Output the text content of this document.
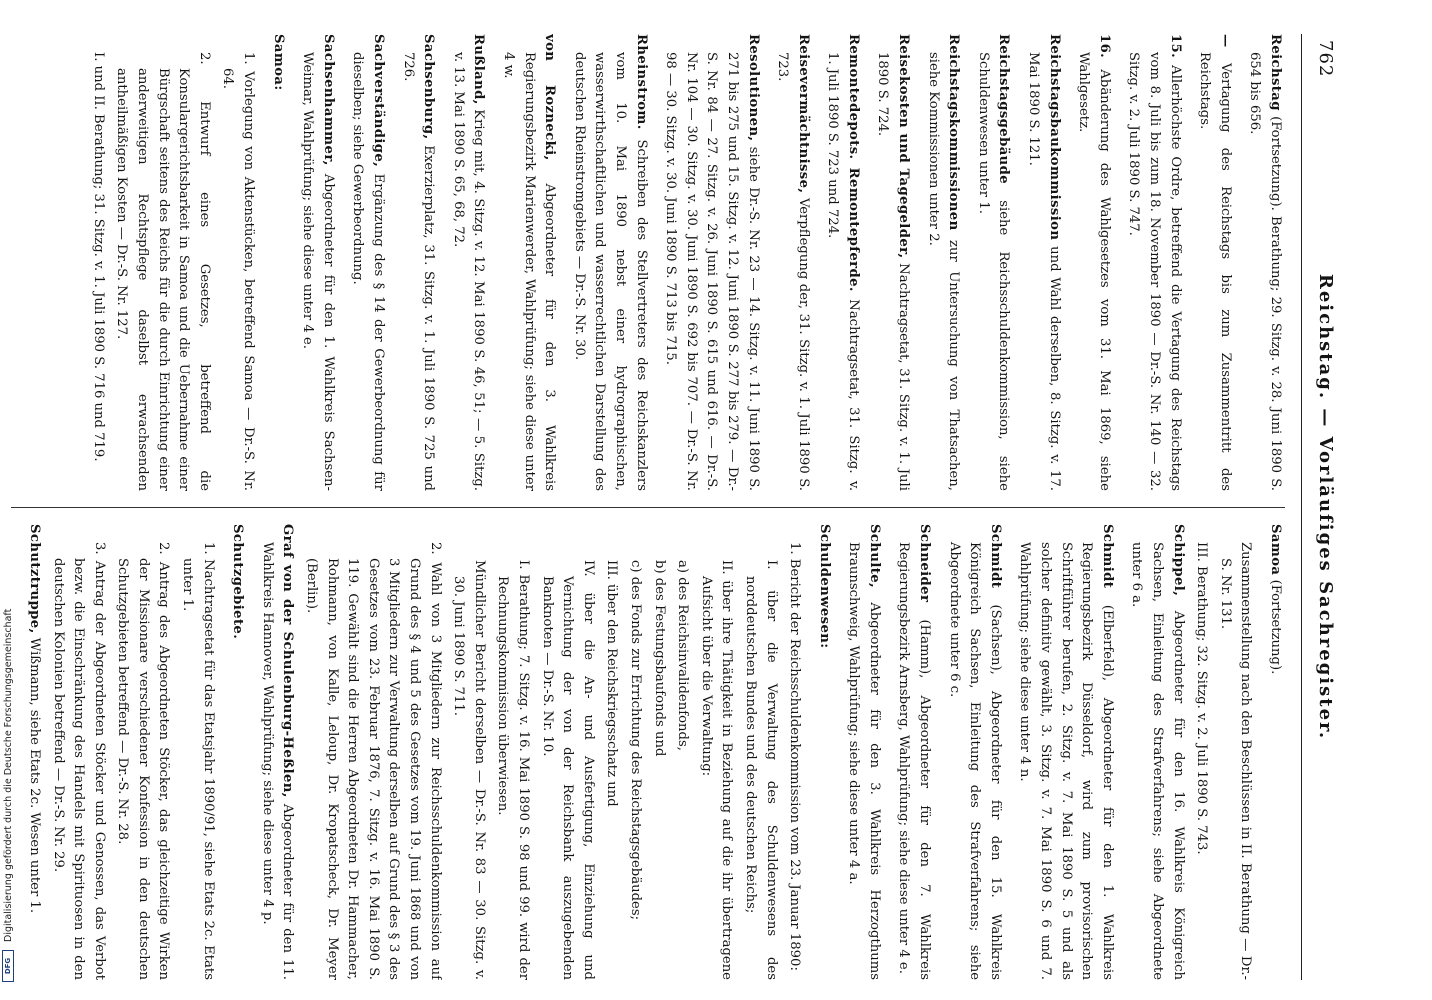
762
Reichstag. — Vorläufiges Sachregister.

Reichstag (Fortsetzung). Berathung; 29. Sitzg. v. 28. Juni 1890 S. 654 bis 656.

— Vertagung des Reichstags bis zum Zusammentritt des Reichstags.

15. Allerhöchste Ordre, betreffend die Vertagung des Reichstags vom 8. Juli bis zum 18. November 1890 — Dr.-S. Nr. 140 — 32. Sitzg. v. 2. Juli 1890 S. 747.

16. Abänderung des Wahlgesetzes vom 31. Mai 1869, siehe Wahlgesetz.

Reichstagsbaukommission und Wahl derselben, 8. Sitzg. v. 17. Mai 1890 S. 121.

Reichstagsgebäude siehe Reichsschuldenkommission, siehe Schuldenwesen unter 1.

Reichstagskommissionen zur Untersuchung von Thatsachen, siehe Kommissionen unter 2.

Reisekosten und Tagegelder, Nachtragsetat, 31. Sitzg. v. 1. Juli 1890 S. 724.

Remontedepots. Remontepferde. Nachtragsetat, 31. Sitzg. v. 1. Juli 1890 S. 723 und 724.

Reisevermächtnisse, Verpflegung der, 31. Sitzg. v. 1. Juli 1890 S. 723.

Resolutionen, siehe Dr.-S. Nr. 23 — 14. Sitzg. v. 11. Juni 1890 S. 271 bis 275 und 15. Sitzg. v. 12. Juni 1890 S. 277 bis 279. — Dr.-S. Nr. 84 — 27. Sitzg. v. 26. Juni 1890 S. 615 und 616. — Dr.-S. Nr. 104 — 30. Sitzg. v. 30. Juni 1890 S. 692 bis 707. — Dr.-S. Nr. 98 — 30. Sitzg. v. 30. Juni 1890 S. 713 bis 715.

Rheinstrom. Schreiben des Stellvertreters des Reichskanzlers vom 10. Mai 1890 nebst einer hydrographischen, wasserwirthschaftlichen und wasserrechtlichen Darstellung des deutschen Rheinstromgebiets — Dr.-S. Nr. 30.

von Roznecki, Abgeordneter für den 3. Wahlkreis Regierungsbezirk Marienwerder, Wahlprüfung; siehe diese unter 4 w.

Rußland, Krieg mit, 4. Sitzg. v. 12. Mai 1890 S. 46, 51; — 5. Sitzg. v. 13. Mai 1890 S. 65, 68, 72.

Sachsenburg, Exerzierplatz, 31. Sitzg. v. 1. Juli 1890 S. 725 und 726.

Sachverständige, Ergänzung des § 14 der Gewerbeordnung für dieselben; siehe Gewerbeordnung.

Sachsenhammer, Abgeordneter für den 1. Wahlkreis Sachsen-Weimar, Wahlprüfung; siehe diese unter 4 e.

Samoa:

1. Vorlegung von Aktenstücken, betreffend Samoa — Dr.-S. Nr. 64.

2. Entwurf eines Gesetzes, betreffend die Konsulargerichtsbarkeit in Samoa und die Uebernahme einer Bürgschaft seitens des Reichs für die durch Einrichtung einer anderweitigen Rechtspflege daselbst erwachsenden antheilmäßigen Kosten — Dr.-S. Nr. 127.

I. und II. Berathung; 31. Sitzg. v. 1. Juli 1890 S. 716 und 719.

Samoa (Fortsetzung).

Zusammenstellung nach den Beschlüssen in II. Berathung — Dr.-S. Nr. 131.

III. Berathung; 32. Sitzg. v. 2. Juli 1890 S. 743.

Schippel, Abgeordneter für den 16. Wahlkreis Königreich Sachsen, Einleitung des Strafverfahrens; siehe Abgeordnete unter 6 a.

Schmidt (Elberfeld), Abgeordneter für den 1. Wahlkreis Regierungsbezirk Düsseldorf, wird zum provisorischen Schriftführer berufen, 2. Sitzg. v. 7. Mai 1890 S. 5 und als solcher definitiv gewählt, 3. Sitzg. v. 7. Mai 1890 S. 6 und 7. Wahlprüfung; siehe diese unter 4 n.

Schmidt (Sachsen), Abgeordneter für den 15. Wahlkreis Königreich Sachsen, Einleitung des Strafverfahrens; siehe Abgeordnete unter 6 c.

Schneider (Hamm), Abgeordneter für den 7. Wahlkreis Regierungsbezirk Arnsberg, Wahlprüfung; siehe diese unter 4 e.

Schulte, Abgeordneter für den 3. Wahlkreis Herzogthums Braunschweig, Wahlprüfung; siehe diese unter 4 a.

Schuldenwesen:

1. Bericht der Reichsschuldenkommission vom 23. Januar 1890:

I. über die Verwaltung des Schuldenwesens des norddeutschen Bundes und des deutschen Reichs;

II. über ihre Thätigkeit in Beziehung auf die ihr übertragene Aufsicht über die Verwaltung:

a) des Reichsinvalidenfonds,

b) des Festungsbaufonds und

c) des Fonds zur Errichtung des Reichstagsgebäudes;

III. über den Reichskriegsschatz und

IV. über die An- und Ausfertigung, Einziehung und Vernichtung der von der Reichsbank auszugebenden Banknoten — Dr.-S. Nr. 10.

I. Berathung; 7. Sitzg. v. 16. Mai 1890 S. 98 und 99. wird der Rechnungskommission überwiesen.

Mündlicher Bericht derselben — Dr.-S. Nr. 83 — 30. Sitzg. v. 30. Juni 1890 S. 711.

2. Wahl von 3 Mitgliedern zur Reichsschuldenkommission auf Grund des § 4 und 5 des Gesetzes vom 19. Juni 1868 und von 3 Mitgliedern zur Verwaltung derselben auf Grund des § 3 des Gesetzes vom 23. Februar 1876, 7. Sitzg. v. 16. Mai 1890 S. 119. Gewählt sind die Herren Abgeordneten Dr. Hammacher, Rohmann, von Kalle, Leloup, Dr. Kropatscheck, Dr. Meyer (Berlin).

Graf von der Schulenburg-Heßlen, Abgeordneter für den 11. Wahlkreis Hannover, Wahlprüfung; siehe diese unter 4 p.

Schutzgebiete.

1. Nachtragsetat für das Etatsjahr 1890/91, siehe Etats 2c. Etats unter 1.

2. Antrag des Abgeordneten Stöcker, das gleichzeitige Wirken der Missionare verschiedener Konfession in den deutschen Schutzgebieten betreffend — Dr.-S. Nr. 28.

3. Antrag der Abgeordneten Stöcker und Genossen, das Verbot bezw. die Einschränkung des Handels mit Spirituosen in den deutschen Kolonien betreffend — Dr.-S. Nr. 29.

Schutztruppe, Wißmann, siehe Etats 2c. Wesen unter 1.

Digitalisierung gefördert durch die Deutsche Forschungsgemeinschaft
DFG
